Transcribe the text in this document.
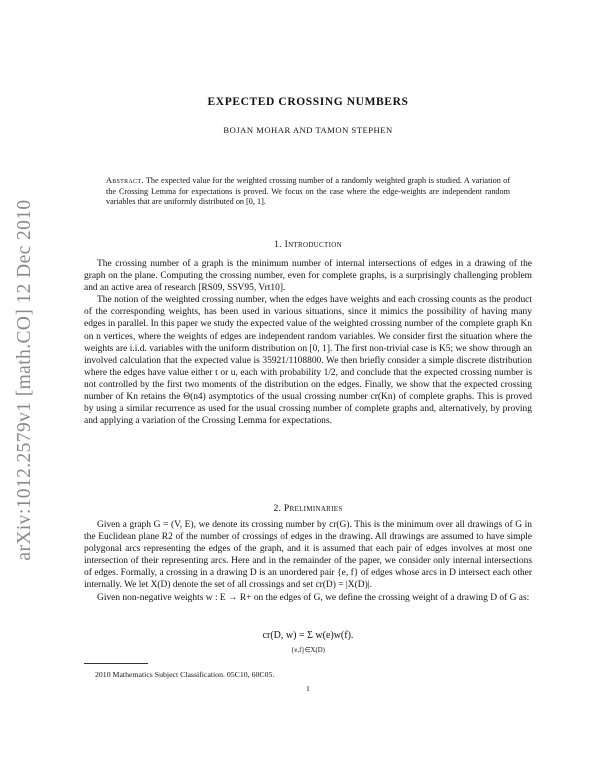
arXiv:1012.2579v1 [math.CO] 12 Dec 2010
EXPECTED CROSSING NUMBERS
BOJAN MOHAR AND TAMON STEPHEN
Abstract. The expected value for the weighted crossing number of a randomly weighted graph is studied. A variation of the Crossing Lemma for expectations is proved. We focus on the case where the edge-weights are independent random variables that are uniformly distributed on [0, 1].
1. Introduction

The crossing number of a graph is the minimum number of internal intersections of edges in a drawing of the graph on the plane. Computing the crossing number, even for complete graphs, is a surprisingly challenging problem and an active area of research [RS09, SSV95, Vrt10].

The notion of the weighted crossing number, when the edges have weights and each crossing counts as the product of the corresponding weights, has been used in various situations, since it mimics the possibility of having many edges in parallel. In this paper we study the expected value of the weighted crossing number of the complete graph Kn on n vertices, where the weights of edges are independent random variables. We consider first the situation where the weights are i.i.d. variables with the uniform distribution on [0, 1]. The first non-trivial case is K5; we show through an involved calculation that the expected value is 35921/1108800. We then briefly consider a simple discrete distribution where the edges have value either t or u, each with probability 1/2, and conclude that the expected crossing number is not controlled by the first two moments of the distribution on the edges. Finally, we show that the expected crossing number of Kn retains the Θ(n4) asymptotics of the usual crossing number cr(Kn) of complete graphs. This is proved by using a similar recurrence as used for the usual crossing number of complete graphs and, alternatively, by proving and applying a variation of the Crossing Lemma for expectations.

2. Preliminaries

Given a graph G = (V, E), we denote its crossing number by cr(G). This is the minimum over all drawings of G in the Euclidean plane R2 of the number of crossings of edges in the drawing. All drawings are assumed to have simple polygonal arcs representing the edges of the graph, and it is assumed that each pair of edges involves at most one intersection of their representing arcs. Here and in the remainder of the paper, we consider only internal intersections of edges. Formally, a crossing in a drawing D is an unordered pair {e, f} of edges whose arcs in D intersect each other internally. We let X(D) denote the set of all crossings and set cr(D) = |X(D)|.

Given non-negative weights w : E → R+ on the edges of G, we define the crossing weight of a drawing D of G as:

cr(D, w) = Σ w(e)w(f).
{e,f}∈X(D)
2010 Mathematics Subject Classification. 05C10, 60C05.
1
